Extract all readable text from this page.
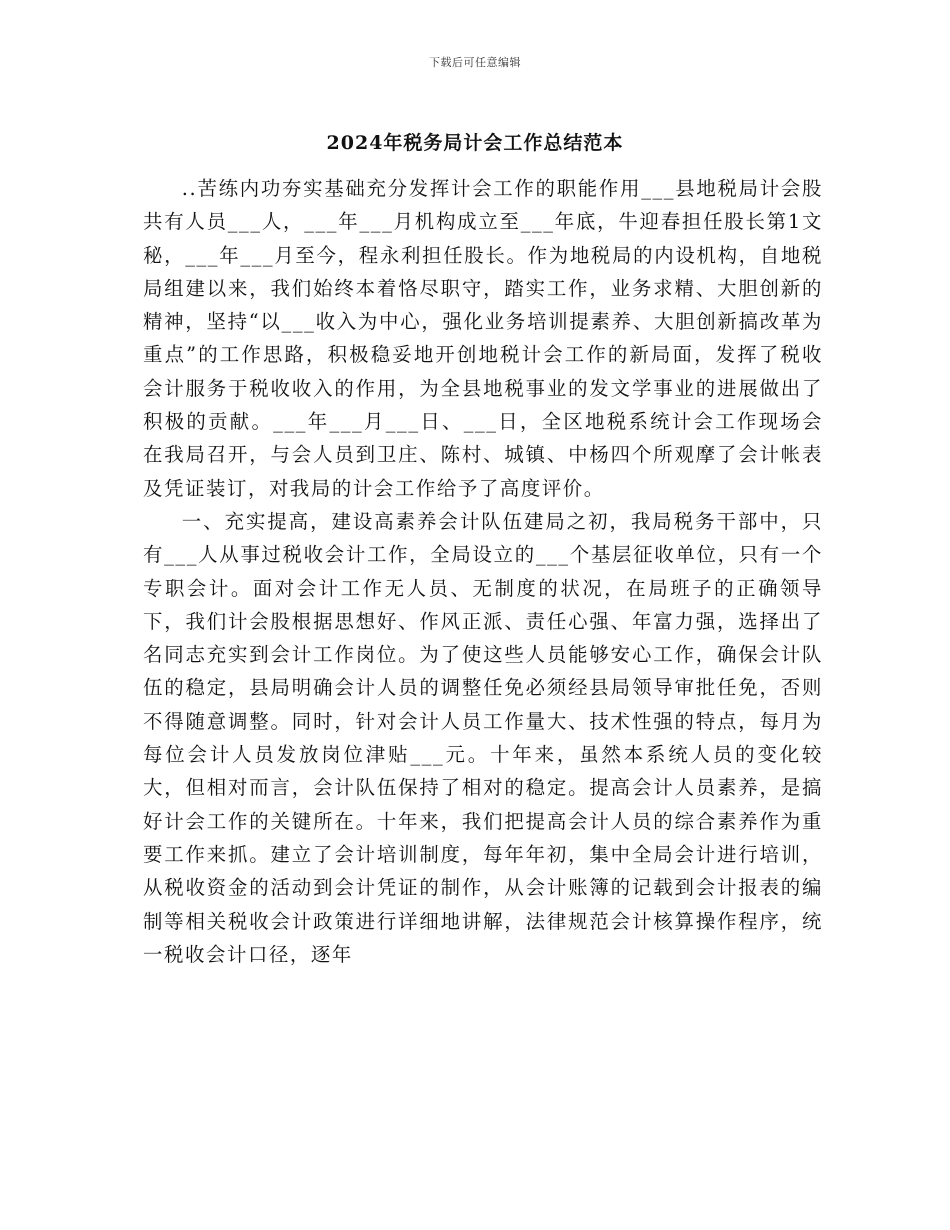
下载后可任意编辑
2024年税务局计会工作总结范本

..苦练内功夯实基础充分发挥计会工作的职能作用___县地税局计会股共有人员___人，___年___月机构成立至___年底，牛迎春担任股长第1文秘，___年___月至今，程永利担任股长。作为地税局的内设机构，自地税局组建以来，我们始终本着恪尽职守，踏实工作，业务求精、大胆创新的精神，坚持“以___收入为中心，强化业务培训提素养、大胆创新搞改革为重点”的工作思路，积极稳妥地开创地税计会工作的新局面，发挥了税收会计服务于税收收入的作用，为全县地税事业的发文学事业的进展做出了积极的贡献。___年___月___日、___日，全区地税系统计会工作现场会在我局召开，与会人员到卫庄、陈村、城镇、中杨四个所观摩了会计帐表及凭证装订，对我局的计会工作给予了高度评价。

一、充实提高，建设高素养会计队伍建局之初，我局税务干部中，只有___人从事过税收会计工作，全局设立的___个基层征收单位，只有一个专职会计。面对会计工作无人员、无制度的状况，在局班子的正确领导下，我们计会股根据思想好、作风正派、责任心强、年富力强，选择出了名同志充实到会计工作岗位。为了使这些人员能够安心工作，确保会计队伍的稳定，县局明确会计人员的调整任免必须经县局领导审批任免，否则不得随意调整。同时，针对会计人员工作量大、技术性强的特点，每月为每位会计人员发放岗位津贴___元。十年来，虽然本系统人员的变化较大，但相对而言，会计队伍保持了相对的稳定。提高会计人员素养，是搞好计会工作的关键所在。十年来，我们把提高会计人员的综合素养作为重要工作来抓。建立了会计培训制度，每年年初，集中全局会计进行培训，从税收资金的活动到会计凭证的制作，从会计账簿的记载到会计报表的编制等相关税收会计政策进行详细地讲解，法律规范会计核算操作程序，统一税收会计口径，逐年
